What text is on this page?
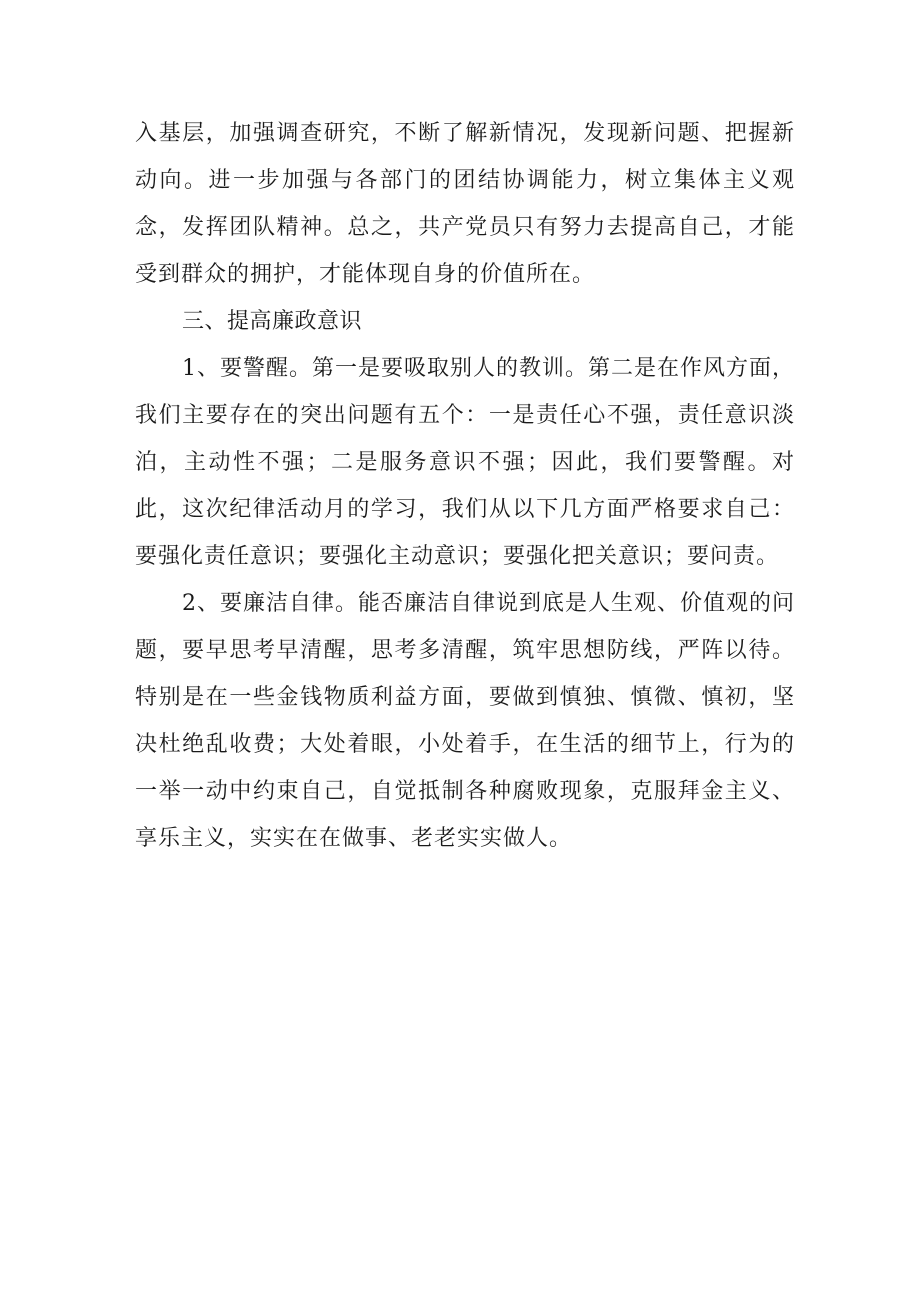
入基层，加强调查研究，不断了解新情况，发现新问题、把握新动向。进一步加强与各部门的团结协调能力，树立集体主义观念，发挥团队精神。总之，共产党员只有努力去提高自己，才能受到群众的拥护，才能体现自身的价值所在。

三、提高廉政意识

1、要警醒。第一是要吸取别人的教训。第二是在作风方面，我们主要存在的突出问题有五个：一是责任心不强，责任意识淡泊，主动性不强；二是服务意识不强；因此，我们要警醒。对此，这次纪律活动月的学习，我们从以下几方面严格要求自己：要强化责任意识；要强化主动意识；要强化把关意识；要问责。

2、要廉洁自律。能否廉洁自律说到底是人生观、价值观的问题，要早思考早清醒，思考多清醒，筑牢思想防线，严阵以待。特别是在一些金钱物质利益方面，要做到慎独、慎微、慎初，坚决杜绝乱收费；大处着眼，小处着手，在生活的细节上，行为的一举一动中约束自己，自觉抵制各种腐败现象，克服拜金主义、享乐主义，实实在在做事、老老实实做人。
